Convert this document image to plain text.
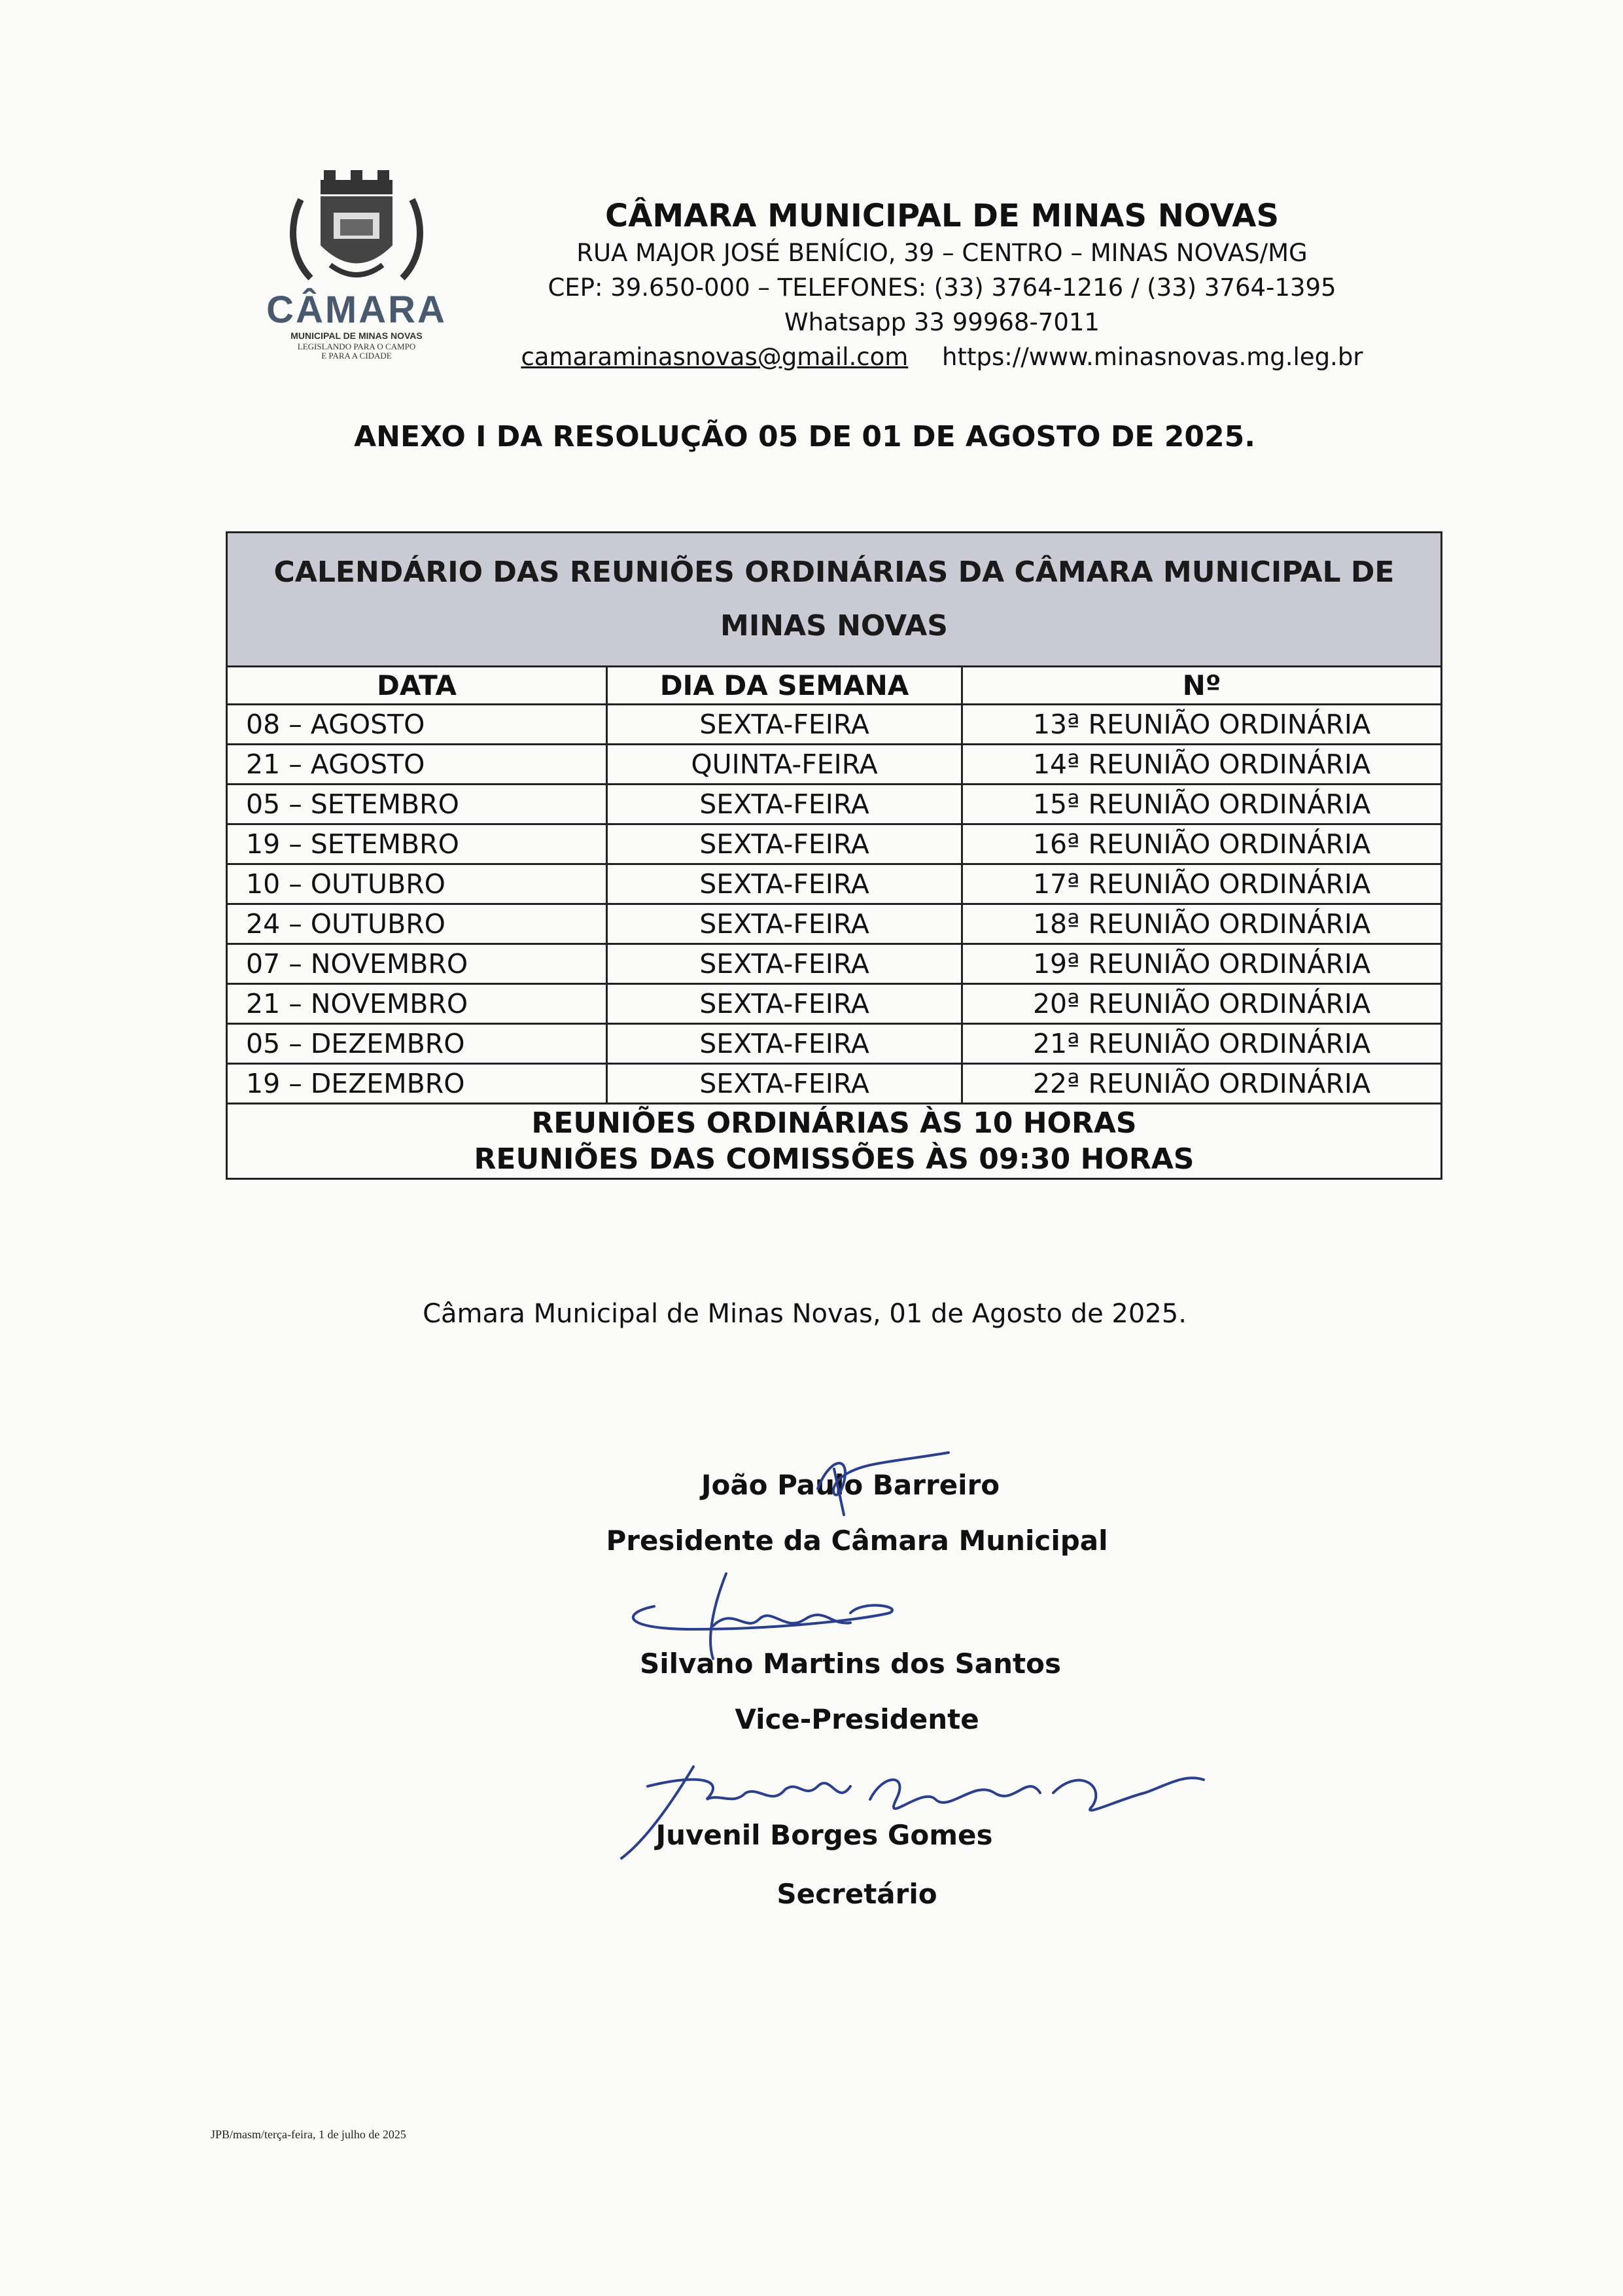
CÂMARA
MUNICIPAL DE MINAS NOVAS
LEGISLANDO PARA O CAMPO
E PARA A CIDADE
CÂMARA MUNICIPAL DE MINAS NOVAS
RUA MAJOR JOSÉ BENÍCIO, 39 – CENTRO – MINAS NOVAS/MG
CEP: 39.650-000 – TELEFONES: (33) 3764-1216 / (33) 3764-1395
Whatsapp 33 99968-7011
camaraminasnovas@gmail.com https://www.minasnovas.mg.leg.br
ANEXO I DA RESOLUÇÃO 05 DE 01 DE AGOSTO DE 2025.
CALENDÁRIO DAS REUNIÕES ORDINÁRIAS DA CÂMARA MUNICIPAL DE
MINAS NOVAS		

DATA	DIA DA SEMANA	Nº
08 – AGOSTO	SEXTA-FEIRA	13ª REUNIÃO ORDINÁRIA
21 – AGOSTO	QUINTA-FEIRA	14ª REUNIÃO ORDINÁRIA
05 – SETEMBRO	SEXTA-FEIRA	15ª REUNIÃO ORDINÁRIA
19 – SETEMBRO	SEXTA-FEIRA	16ª REUNIÃO ORDINÁRIA
10 – OUTUBRO	SEXTA-FEIRA	17ª REUNIÃO ORDINÁRIA
24 – OUTUBRO	SEXTA-FEIRA	18ª REUNIÃO ORDINÁRIA
07 – NOVEMBRO	SEXTA-FEIRA	19ª REUNIÃO ORDINÁRIA
21 – NOVEMBRO	SEXTA-FEIRA	20ª REUNIÃO ORDINÁRIA
05 – DEZEMBRO	SEXTA-FEIRA	21ª REUNIÃO ORDINÁRIA
19 – DEZEMBRO	SEXTA-FEIRA	22ª REUNIÃO ORDINÁRIA

REUNIÕES ORDINÁRIAS ÀS 10 HORAS
REUNIÕES DAS COMISSÕES ÀS 09:30 HORAS		
Câmara Municipal de Minas Novas, 01 de Agosto de 2025.
João Paulo Barreiro
Presidente da Câmara Municipal
Silvano Martins dos Santos
Vice-Presidente
Juvenil Borges Gomes
Secretário
JPB/masm/terça-feira, 1 de julho de 2025
